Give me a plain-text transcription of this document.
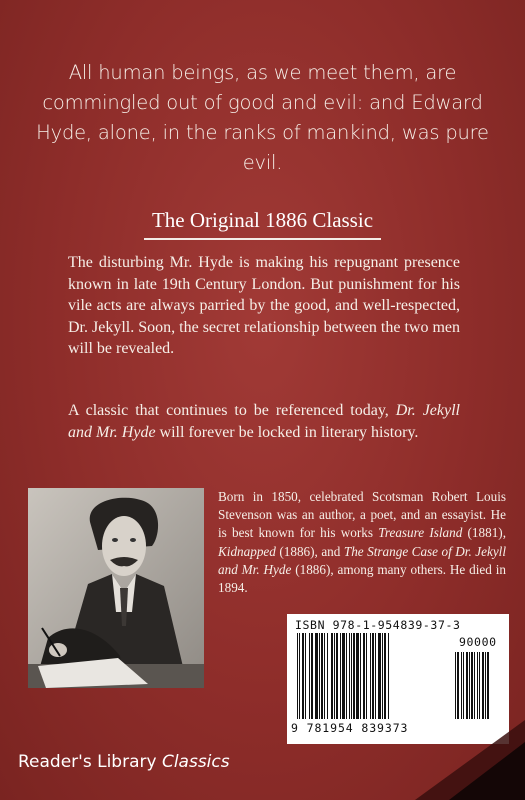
All human beings, as we meet them, are commingled out of good and evil: and Edward Hyde, alone, in the ranks of mankind, was pure evil.
The Original 1886 Classic

The disturbing Mr. Hyde is making his repugnant presence known in late 19th Century London. But punishment for his vile acts are always parried by the good, and well-respected, Dr. Jekyll. Soon, the secret relationship between the two men will be revealed.

A classic that continues to be referenced today, Dr. Jekyll and Mr. Hyde will forever be locked in literary history.

Born in 1850, celebrated Scotsman Robert Louis Stevenson was an author, a poet, and an essayist. He is best known for his works Treasure Island (1881), Kidnapped (1886), and The Strange Case of Dr. Jekyll and Mr. Hyde (1886), among many others. He died in 1894.

ISBN 978-1-954839-37-3
90000
9 781954 839373
Reader's Library Classics
